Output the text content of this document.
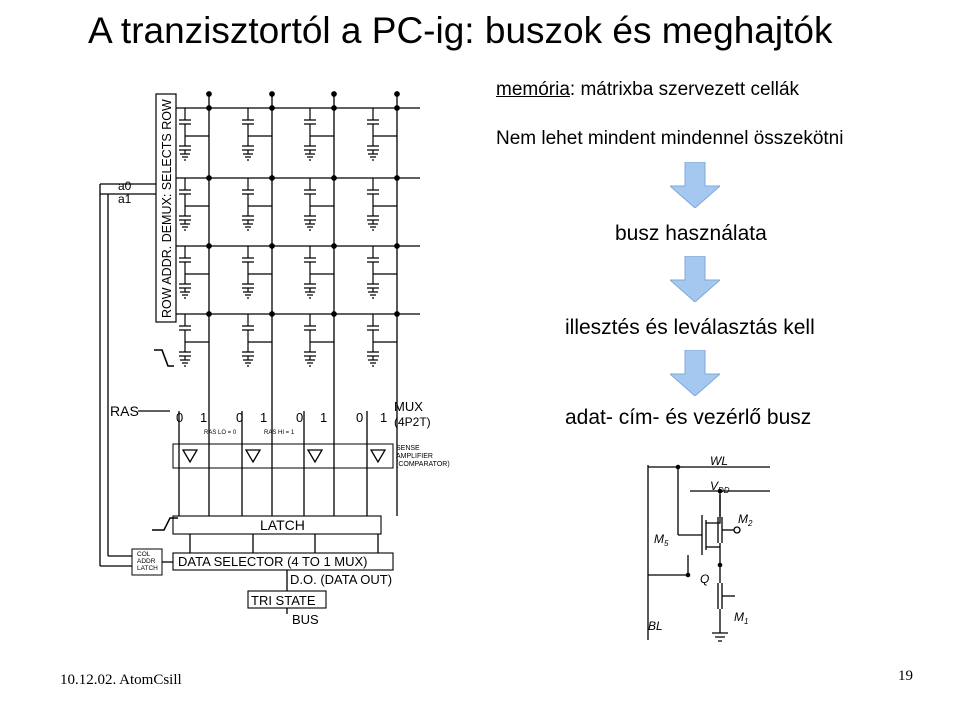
A tranzisztortól a PC-ig: buszok és meghajtók
ROW ADDR. DEMUX: SELECTS ROW
a0
a1
RAS	0 1 0 1 0 1 0 1
MUX
(4P2T)
RAS LO = 0	RAS HI = 1
SENSE
AMPLIFIER
(COMPARATOR)
LATCH
COL
ADDR
LATCH DATA SELECTOR (4 TO 1 MUX)
D.O. (DATA OUT)
TRI STATE
BUS
memória: mátrixba szervezett cellák
Nem lehet mindent mindennel összekötni
busz használata
illesztés és leválasztás kell
adat- cím- és vezérlő busz
WL
$V_{DD}$
$M_5$
$M_2$
Q
BL
$M_1$
10.12.02. AtomCsill	19
